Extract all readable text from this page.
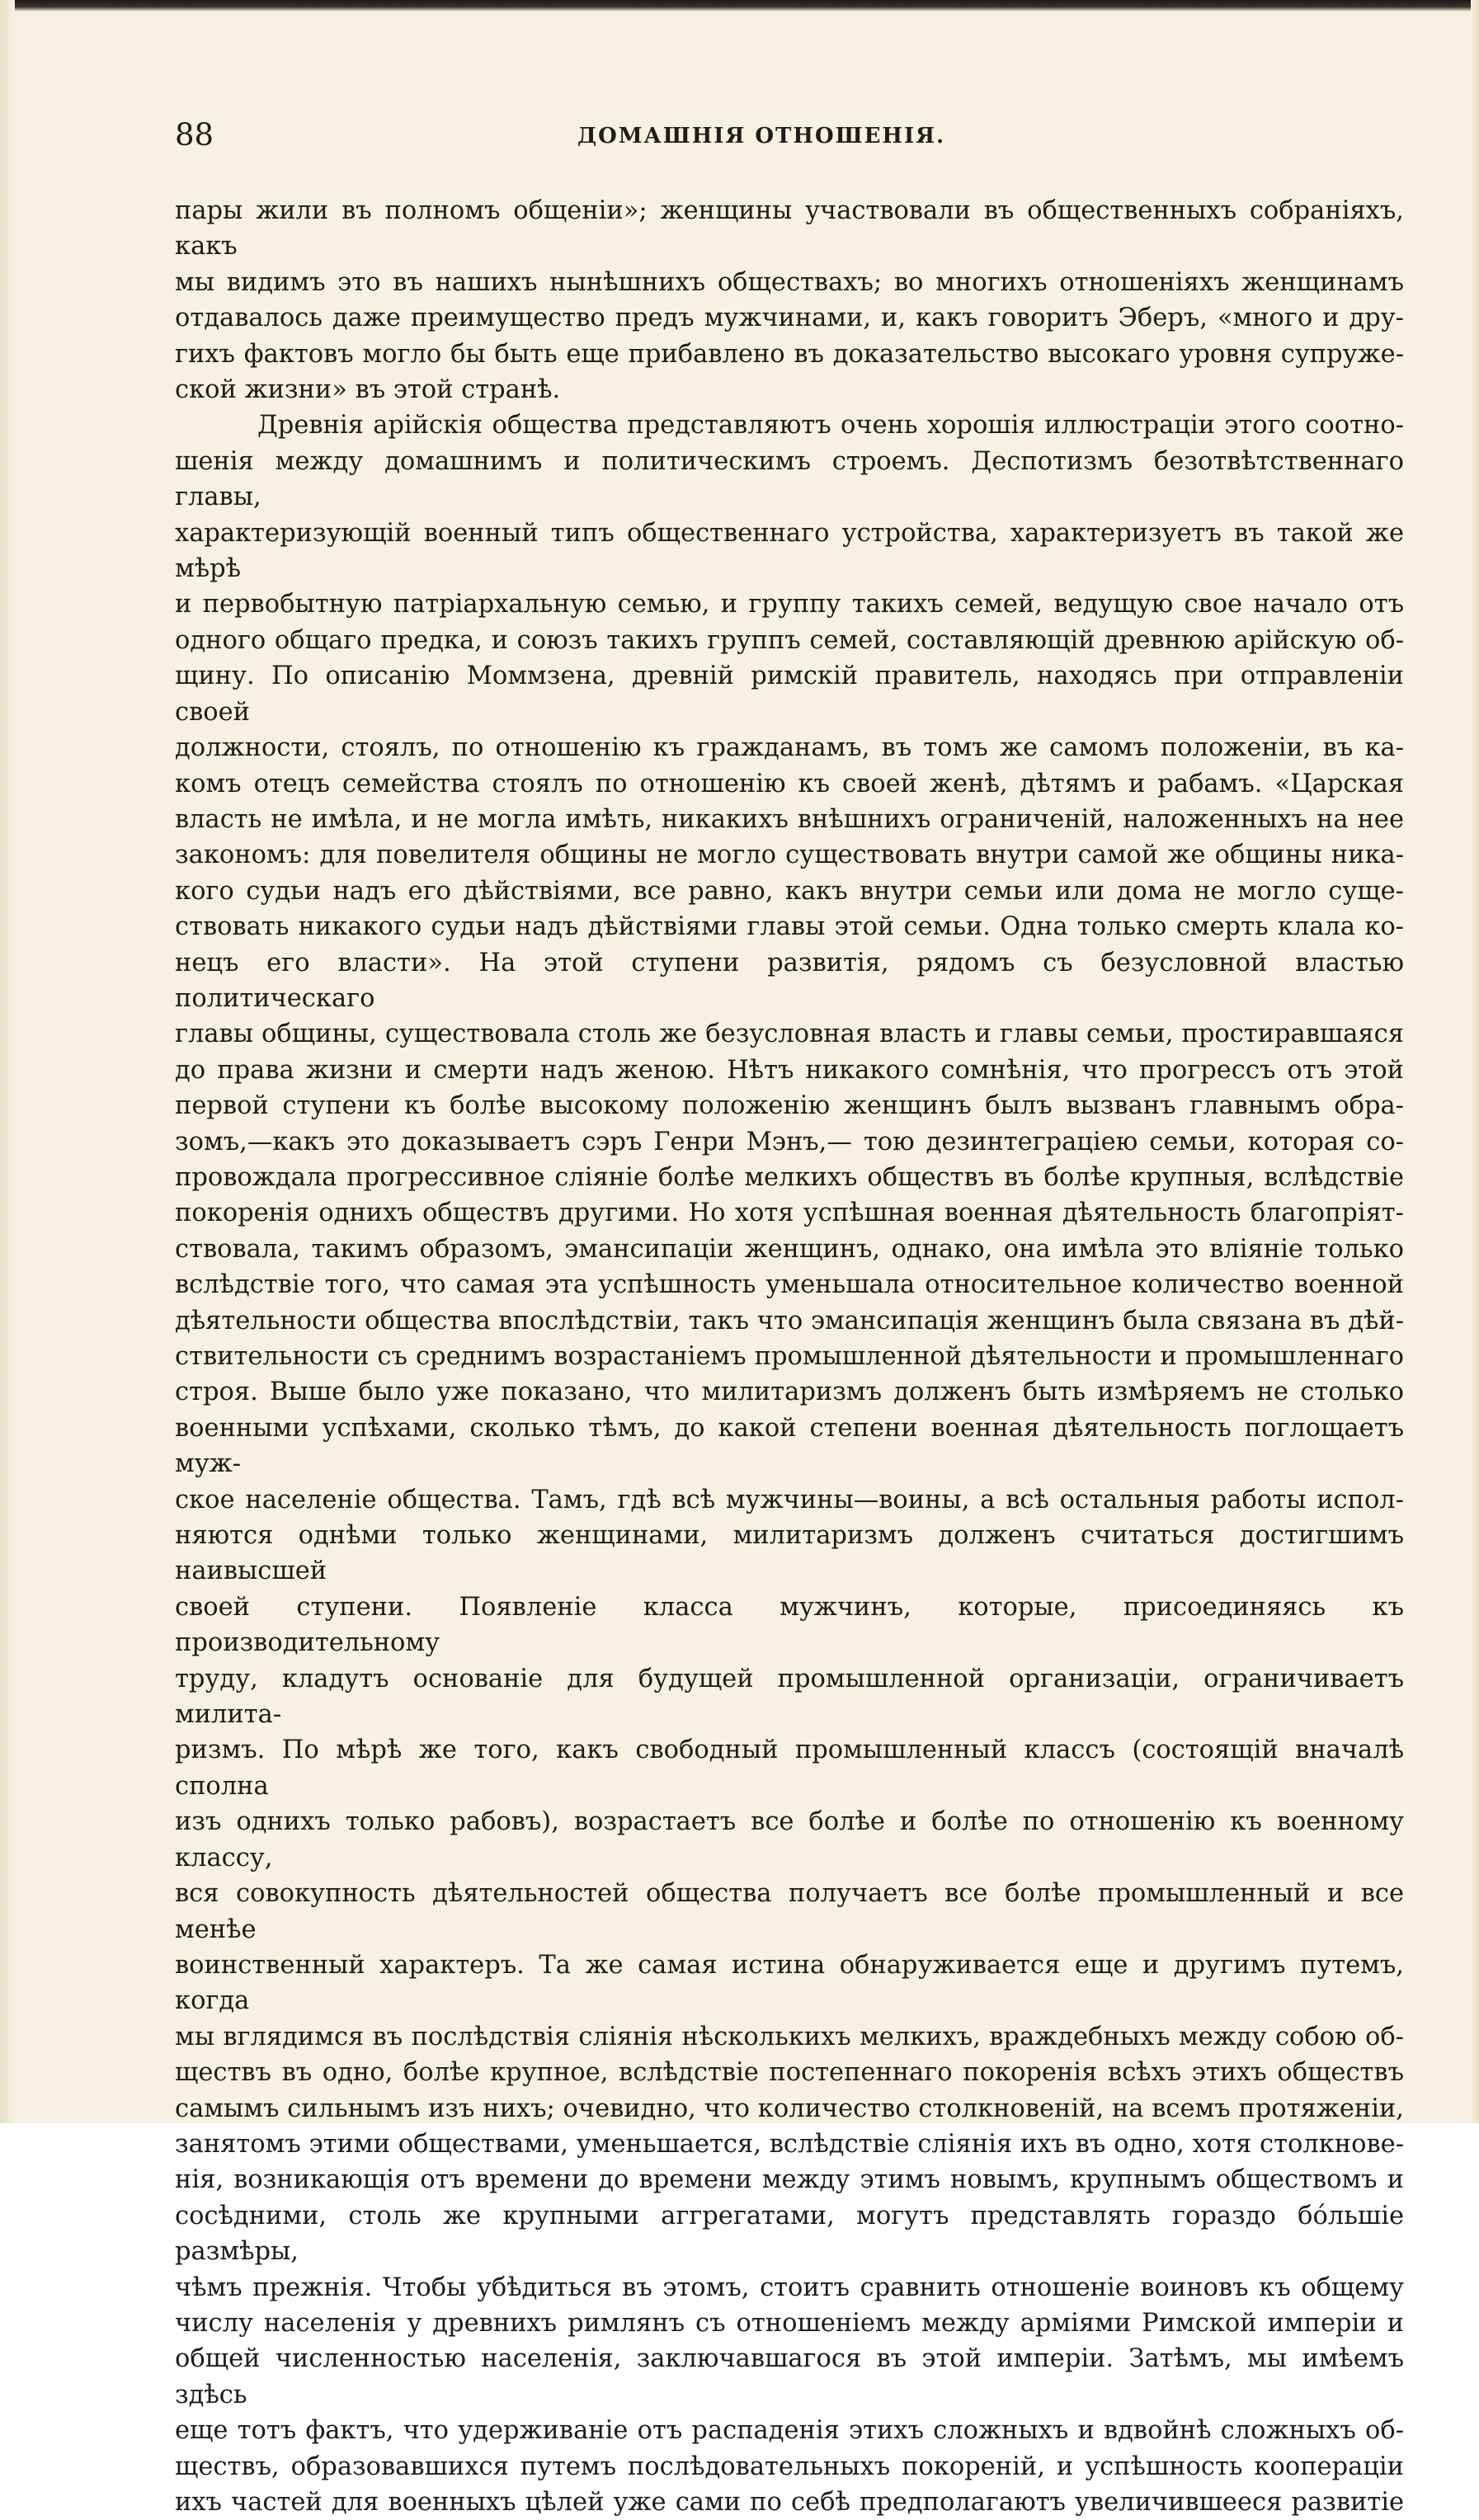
88	ДОМАШНІЯ ОТНОШЕНІЯ.

пары жили въ полномъ общеніи»; женщины участвовали въ общественныхъ собраніяхъ, какъ

мы видимъ это въ нашихъ нынѣшнихъ обществахъ; во многихъ отношеніяхъ женщинамъ

отдавалось даже преимущество предъ мужчинами, и, какъ говоритъ Эберъ, «много и дру-

гихъ фактовъ могло бы быть еще прибавлено въ доказательство высокаго уровня супруже-

ской жизни» въ этой странѣ.

Древнія арійскія общества представляютъ очень хорошія иллюстраціи этого соотно-

шенія между домашнимъ и политическимъ строемъ. Деспотизмъ безотвѣтственнаго главы,

характеризующій военный типъ общественнаго устройства, характеризуетъ въ такой же мѣрѣ

и первобытную патріархальную семью, и группу такихъ семей, ведущую свое начало отъ

одного общаго предка, и союзъ такихъ группъ семей, составляющій древнюю арійскую об-

щину. По описанію Моммзена, древній римскій правитель, находясь при отправленіи своей

должности, стоялъ, по отношенію къ гражданамъ, въ томъ же самомъ положеніи, въ ка-

комъ отецъ семейства стоялъ по отношенію къ своей женѣ, дѣтямъ и рабамъ. «Царская

власть не имѣла, и не могла имѣть, никакихъ внѣшнихъ ограниченій, наложенныхъ на нее

закономъ: для повелителя общины не могло существовать внутри самой же общины ника-

кого судьи надъ его дѣйствіями, все равно, какъ внутри семьи или дома не могло суще-

ствовать никакого судьи надъ дѣйствіями главы этой семьи. Одна только смерть клала ко-

нецъ его власти». На этой ступени развитія, рядомъ съ безусловной властью политическаго

главы общины, существовала столь же безусловная власть и главы семьи, простиравшаяся

до права жизни и смерти надъ женою. Нѣтъ никакого сомнѣнія, что прогрессъ отъ этой

первой ступени къ болѣе высокому положенію женщинъ былъ вызванъ главнымъ обра-

зомъ,—какъ это доказываетъ сэръ Генри Мэнъ,— тою дезинтеграціею семьи, которая со-

провождала прогрессивное сліяніе болѣе мелкихъ обществъ въ болѣе крупныя, вслѣдствіе

покоренія однихъ обществъ другими. Но хотя успѣшная военная дѣятельность благопріят-

ствовала, такимъ образомъ, эмансипаціи женщинъ, однако, она имѣла это вліяніе только

вслѣдствіе того, что самая эта успѣшность уменьшала относительное количество военной

дѣятельности общества впослѣдствіи, такъ что эмансипація женщинъ была связана въ дѣй-

ствительности съ среднимъ возрастаніемъ промышленной дѣятельности и промышленнаго

строя. Выше было уже показано, что милитаризмъ долженъ быть измѣряемъ не столько

военными успѣхами, сколько тѣмъ, до какой степени военная дѣятельность поглощаетъ муж-

ское населеніе общества. Тамъ, гдѣ всѣ мужчины—воины, а всѣ остальныя работы испол-

няются однѣми только женщинами, милитаризмъ долженъ считаться достигшимъ наивысшей

своей ступени. Появленіе класса мужчинъ, которые, присоединяясь къ производительному

труду, кладутъ основаніе для будущей промышленной организаціи, ограничиваетъ милита-

ризмъ. По мѣрѣ же того, какъ свободный промышленный классъ (состоящій вначалѣ сполна

изъ однихъ только рабовъ), возрастаетъ все болѣе и болѣе по отношенію къ военному классу,

вся совокупность дѣятельностей общества получаетъ все болѣе промышленный и все менѣе

воинственный характеръ. Та же самая истина обнаруживается еще и другимъ путемъ, когда

мы вглядимся въ послѣдствія сліянія нѣсколькихъ мелкихъ, враждебныхъ между собою об-

ществъ въ одно, болѣе крупное, вслѣдствіе постепеннаго покоренія всѣхъ этихъ обществъ

самымъ сильнымъ изъ нихъ; очевидно, что количество столкновеній, на всемъ протяженіи,

занятомъ этими обществами, уменьшается, вслѣдствіе сліянія ихъ въ одно, хотя столкнове-

нія, возникающія отъ времени до времени между этимъ новымъ, крупнымъ обществомъ и

сосѣдними, столь же крупными аггрегатами, могутъ представлять гораздо бóльшіе размѣры,

чѣмъ прежнія. Чтобы убѣдиться въ этомъ, стоитъ сравнить отношеніе воиновъ къ общему

числу населенія у древнихъ римлянъ съ отношеніемъ между арміями Римской имперіи и

общей численностью населенія, заключавшагося въ этой имперіи. Затѣмъ, мы имѣемъ здѣсь

еще тотъ фактъ, что удерживаніе отъ распаденія этихъ сложныхъ и вдвойнѣ сложныхъ об-

ществъ, образовавшихся путемъ послѣдовательныхъ покореній, и успѣшность коопераціи

ихъ частей для военныхъ цѣлей уже сами по себѣ предполагаютъ увеличившееся развитіе
